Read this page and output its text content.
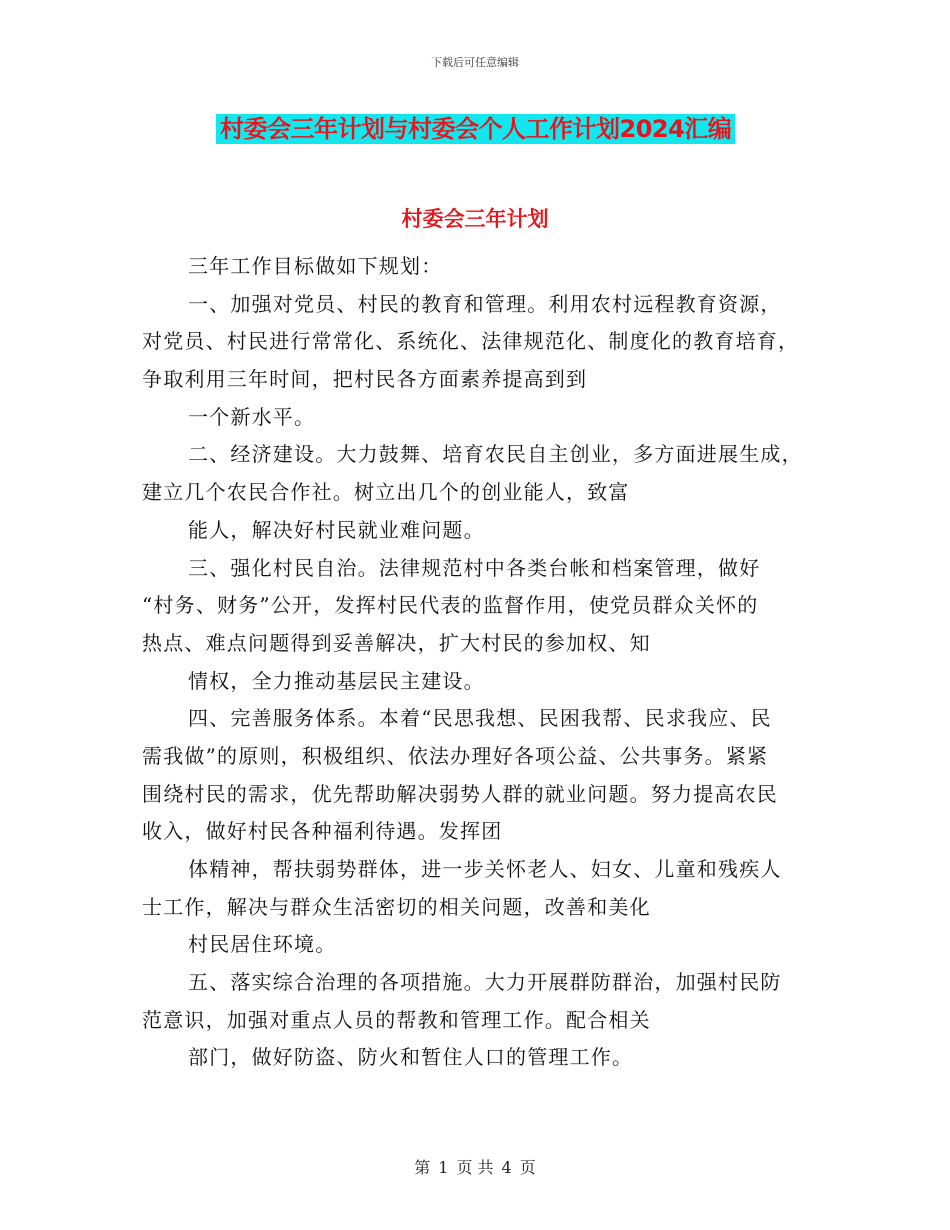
下载后可任意编辑
村委会三年计划与村委会个人工作计划2024汇编
村委会三年计划
三年工作目标做如下规划：
一、加强对党员、村民的教育和管理。利用农村远程教育资源，
对党员、村民进行常常化、系统化、法律规范化、制度化的教育培育，
争取利用三年时间，把村民各方面素养提高到到
一个新水平。
二、经济建设。大力鼓舞、培育农民自主创业，多方面进展生成，
建立几个农民合作社。树立出几个的创业能人，致富
能人，解决好村民就业难问题。
三、强化村民自治。法律规范村中各类台帐和档案管理，做好
“村务、财务”公开，发挥村民代表的监督作用，使党员群众关怀的
热点、难点问题得到妥善解决，扩大村民的参加权、知
情权，全力推动基层民主建设。
四、完善服务体系。本着“民思我想、民困我帮、民求我应、民
需我做”的原则，积极组织、依法办理好各项公益、公共事务。紧紧
围绕村民的需求，优先帮助解决弱势人群的就业问题。努力提高农民
收入，做好村民各种福利待遇。发挥团
体精神，帮扶弱势群体，进一步关怀老人、妇女、儿童和残疾人
士工作，解决与群众生活密切的相关问题，改善和美化
村民居住环境。
五、落实综合治理的各项措施。大力开展群防群治，加强村民防
范意识，加强对重点人员的帮教和管理工作。配合相关
部门，做好防盗、防火和暂住人口的管理工作。
第 1 页 共 4 页
